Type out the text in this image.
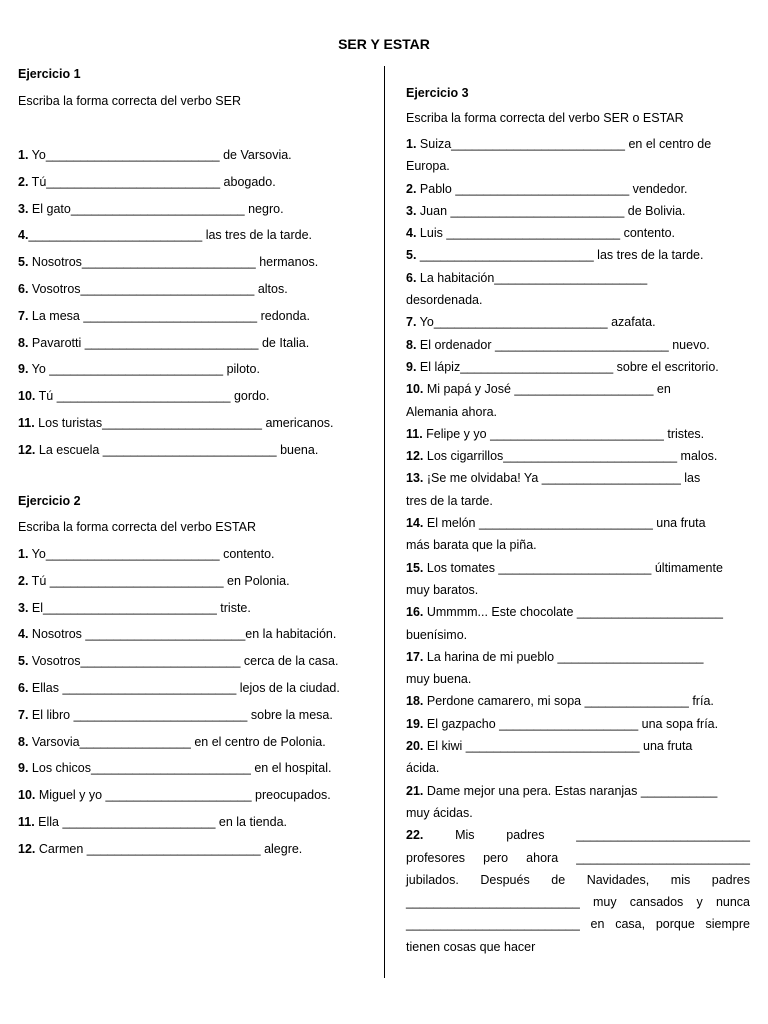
SER Y ESTAR
Ejercicio 1
Escriba la forma correcta del verbo SER
1. Yo_________________________ de Varsovia.
2. Tú_________________________ abogado.
3. El gato_________________________ negro.
4._________________________ las tres de la tarde.
5. Nosotros_________________________ hermanos.
6. Vosotros_________________________ altos.
7. La mesa _________________________ redonda.
8. Pavarotti _________________________ de Italia.
9. Yo _________________________ piloto.
10. Tú _________________________ gordo.
11. Los turistas_______________________ americanos.
12. La escuela _________________________ buena.
Ejercicio 2
Escriba la forma correcta del verbo ESTAR
1. Yo_________________________ contento.
2. Tú _________________________ en Polonia.
3. El_________________________ triste.
4. Nosotros _______________________en la habitación.
5. Vosotros_______________________ cerca de la casa.
6. Ellas _________________________ lejos de la ciudad.
7. El libro _________________________ sobre la mesa.
8. Varsovia________________ en el centro de Polonia.
9. Los chicos_______________________ en el hospital.
10. Miguel y yo _____________________ preocupados.
11. Ella ______________________ en la tienda.
12. Carmen _________________________ alegre.
Ejercicio 3
Escriba la forma correcta del verbo SER o ESTAR
1. Suiza_________________________ en el centro de
Europa.
2. Pablo _________________________ vendedor.
3. Juan _________________________ de Bolivia.
4. Luis _________________________ contento.
5. _________________________ las tres de la tarde.
6. La habitación______________________
desordenada.
7. Yo_________________________ azafata.
8. El ordenador _________________________ nuevo.
9. El lápiz______________________ sobre el escritorio.
10. Mi papá y José ____________________ en
Alemania ahora.
11. Felipe y yo _________________________ tristes.
12. Los cigarrillos_________________________ malos.
13. ¡Se me olvidaba! Ya ____________________ las
tres de la tarde.
14. El melón _________________________ una fruta
más barata que la piña.
15. Los tomates ______________________ últimamente
muy baratos.
16. Ummmm... Este chocolate _____________________
buenísimo.
17. La harina de mi pueblo _____________________
muy buena.
18. Perdone camarero, mi sopa _______________ fría.
19. El gazpacho ____________________ una sopa fría.
20. El kiwi _________________________ una fruta
ácida.
21. Dame mejor una pera. Estas naranjas ___________
muy ácidas.
22. Mis padres _________________________
profesores pero ahora _________________________
jubilados. Después de Navidades, mis padres
_________________________ muy cansados y nunca
_________________________ en casa, porque siempre
tienen cosas que hacer
